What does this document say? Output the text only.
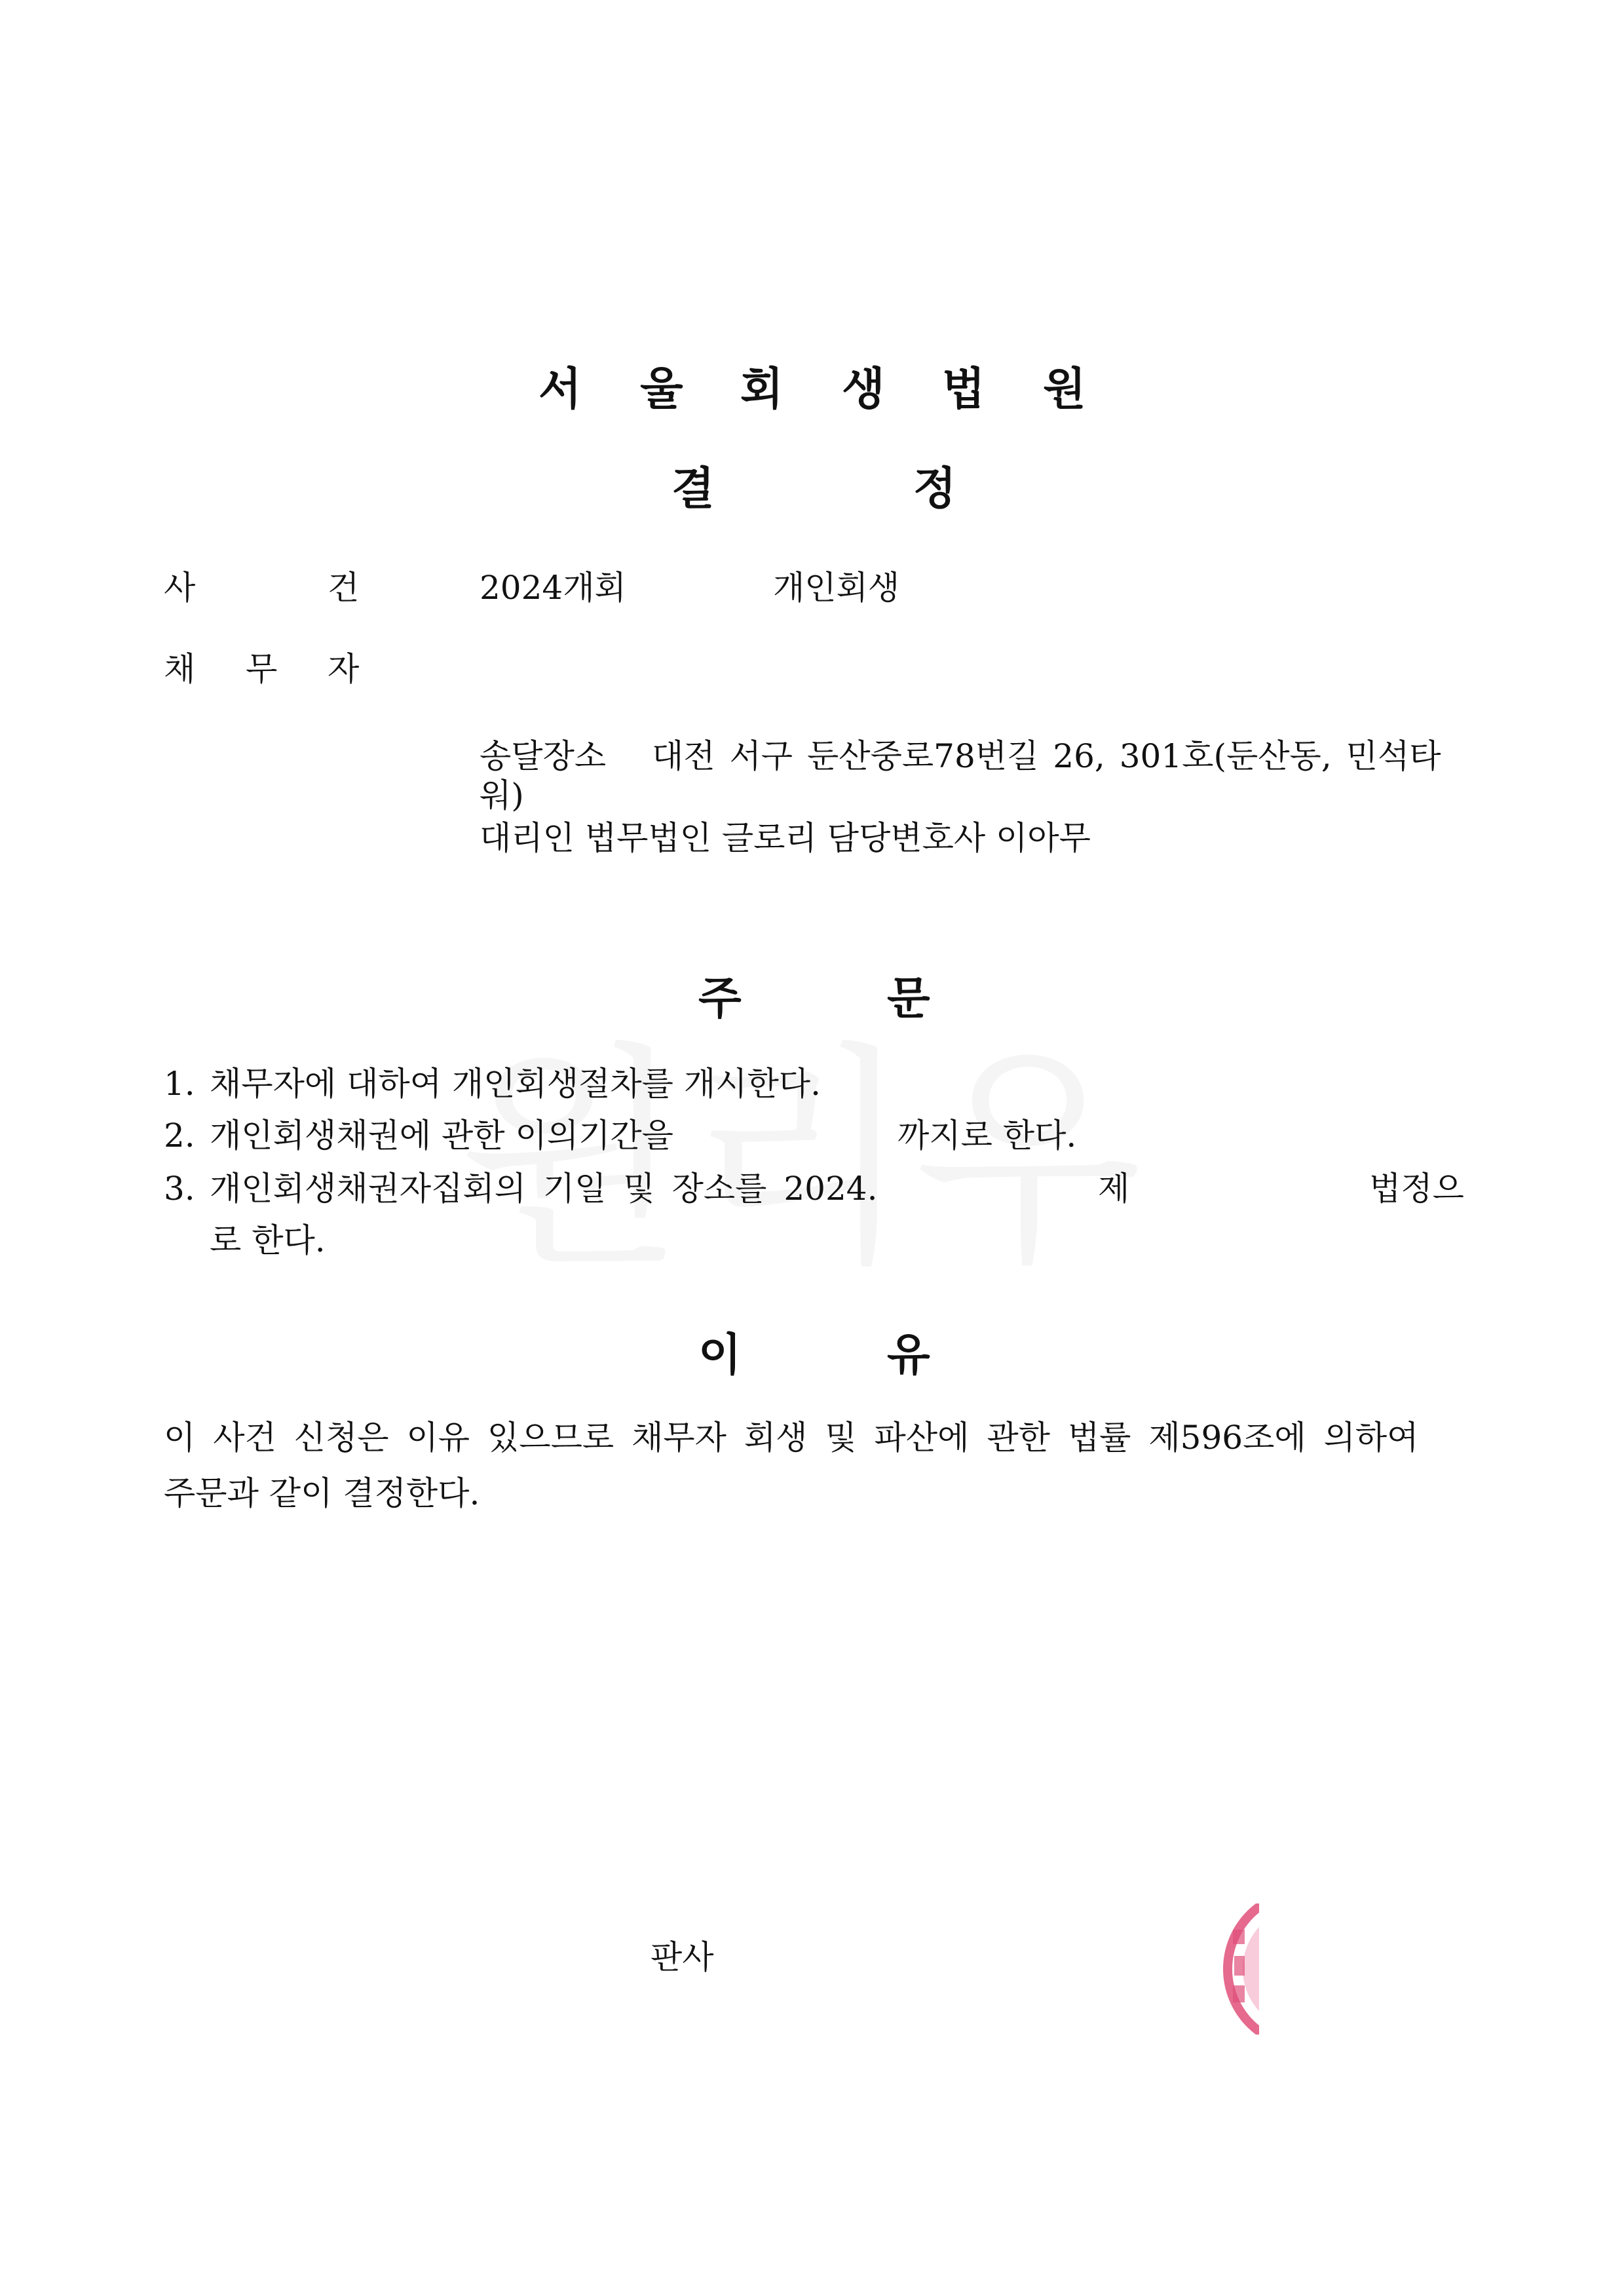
서 울 회 생 법 원
결	정
사	건	2024개회	개인회생
채 무 자
송달장소 대전 서구 둔산중로78번길 26, 301호(둔산동, 민석타
워)
대리인 법무법인 글로리 담당변호사 이아무
주	문
1. 채무자에 대하여 개인회생절차를 개시한다.
2. 개인회생채권에 관한 이의기간을	까지로 한다.
3. 개인회생채권자집회의 기일 및 장소를 2024.	제	법정으
로 한다.
이	유
이 사건 신청은 이유 있으므로 채무자 회생 및 파산에 관한 법률 제596조에 의하여
주문과 같이 결정한다.
판사
